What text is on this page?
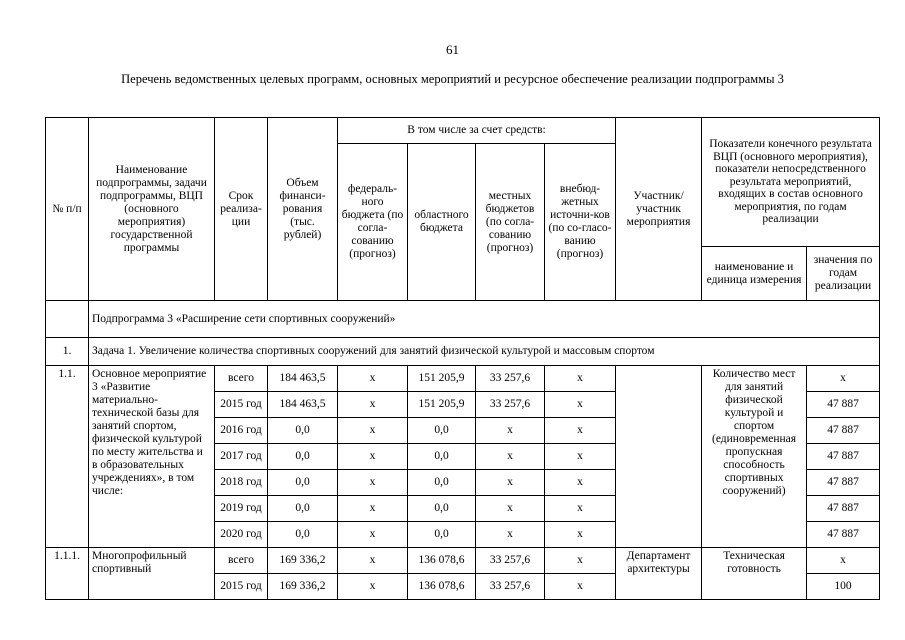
61
Перечень ведомственных целевых программ, основных мероприятий и ресурсное обеспечение реализации подпрограммы 3
№ п/п	Наименование подпрограммы, задачи подпрограммы, ВЦП (основного мероприятия) государственной программы	Срок реализа-ции	Объем финанси-рования (тыс. рублей)	В том числе за счет средств:				Участник/ участник мероприятия	Показатели конечного результата ВЦП (основного мероприятия), показатели непосредственного результата мероприятий, входящих в состав основного мероприятия, по годам реализации	
				федераль-ного бюджета (по согла-сованию (прогноз)	областного бюджета	местных бюджетов (по согла-сованию (прогноз)	внебюд-жетных источни-ков (по со-гласо-ванию (прогноз)			
									наименование и единица измерения	значения по годам реализации
	Подпрограмма 3 «Расширение сети спортивных сооружений»									
1.	Задача 1. Увеличение количества спортивных сооружений для занятий физической культурой и массовым спортом									
1.1.	Основное мероприятие 3 «Развитие материально-технической базы для занятий спортом, физической культурой по месту жительства и в образовательных учреждениях», в том числе:	всего	184 463,5	х	151 205,9	33 257,6	х		Количество мест для занятий физической культурой и спортом (единовременная пропускная способность спортивных сооружений)	х
		2015 год	184 463,5	х	151 205,9	33 257,6	х			47 887
		2016 год	0,0	х	0,0	х	х			47 887
		2017 год	0,0	х	0,0	х	х			47 887
		2018 год	0,0	х	0,0	х	х			47 887
		2019 год	0,0	х	0,0	х	х			47 887
		2020 год	0,0	х	0,0	х	х			47 887
1.1.1.	Многопрофильный спортивный	всего	169 336,2	х	136 078,6	33 257,6	х	Департамент архитектуры	Техническая готовность	х
		2015 год	169 336,2	х	136 078,6	33 257,6	х			100
